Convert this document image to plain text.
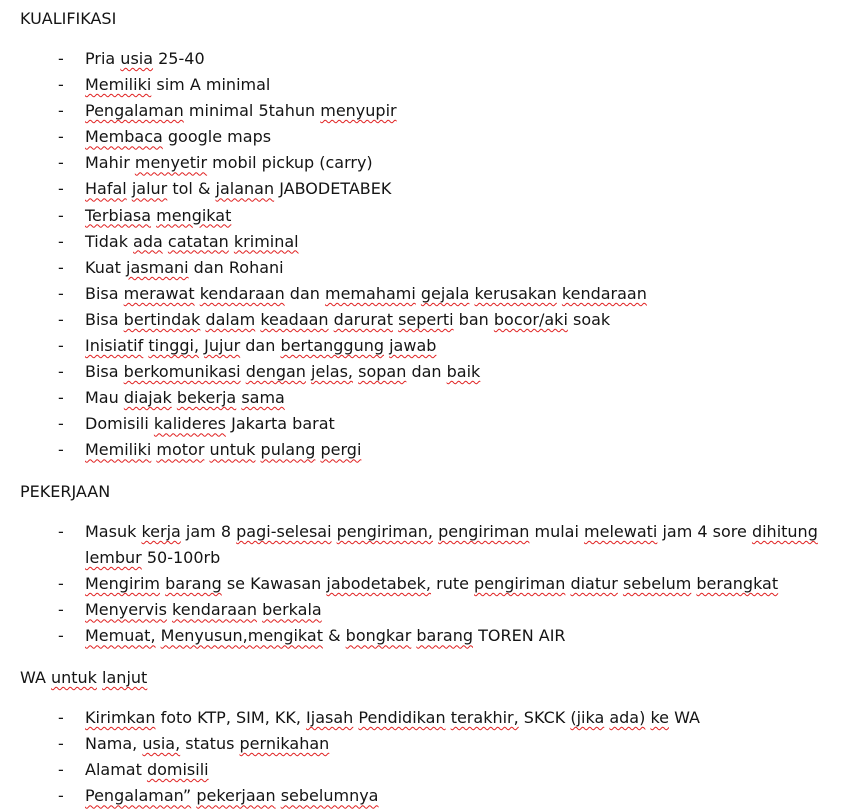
KUALIFIKASI
- Pria usia 25-40
- Memiliki sim A minimal
- Pengalaman minimal 5tahun menyupir
- Membaca google maps
- Mahir menyetir mobil pickup (carry)
- Hafal jalur tol & jalanan JABODETABEK
- Terbiasa mengikat
- Tidak ada catatan kriminal
- Kuat jasmani dan Rohani
- Bisa merawat kendaraan dan memahami gejala kerusakan kendaraan
- Bisa bertindak dalam keadaan darurat seperti ban bocor/aki soak
- Inisiatif tinggi, Jujur dan bertanggung jawab
- Bisa berkomunikasi dengan jelas, sopan dan baik
- Mau diajak bekerja sama
- Domisili kalideres Jakarta barat
- Memiliki motor untuk pulang pergi
PEKERJAAN
- Masuk kerja jam 8 pagi-selesai pengiriman, pengiriman mulai melewati jam 4 sore dihitung lembur 50-100rb
- Mengirim barang se Kawasan jabodetabek, rute pengiriman diatur sebelum berangkat
- Menyervis kendaraan berkala
- Memuat, Menyusun,mengikat & bongkar barang TOREN AIR
WA untuk lanjut
- Kirimkan foto KTP, SIM, KK, Ijasah Pendidikan terakhir, SKCK (jika ada) ke WA
- Nama, usia, status pernikahan
- Alamat domisili
- Pengalaman” pekerjaan sebelumnya
